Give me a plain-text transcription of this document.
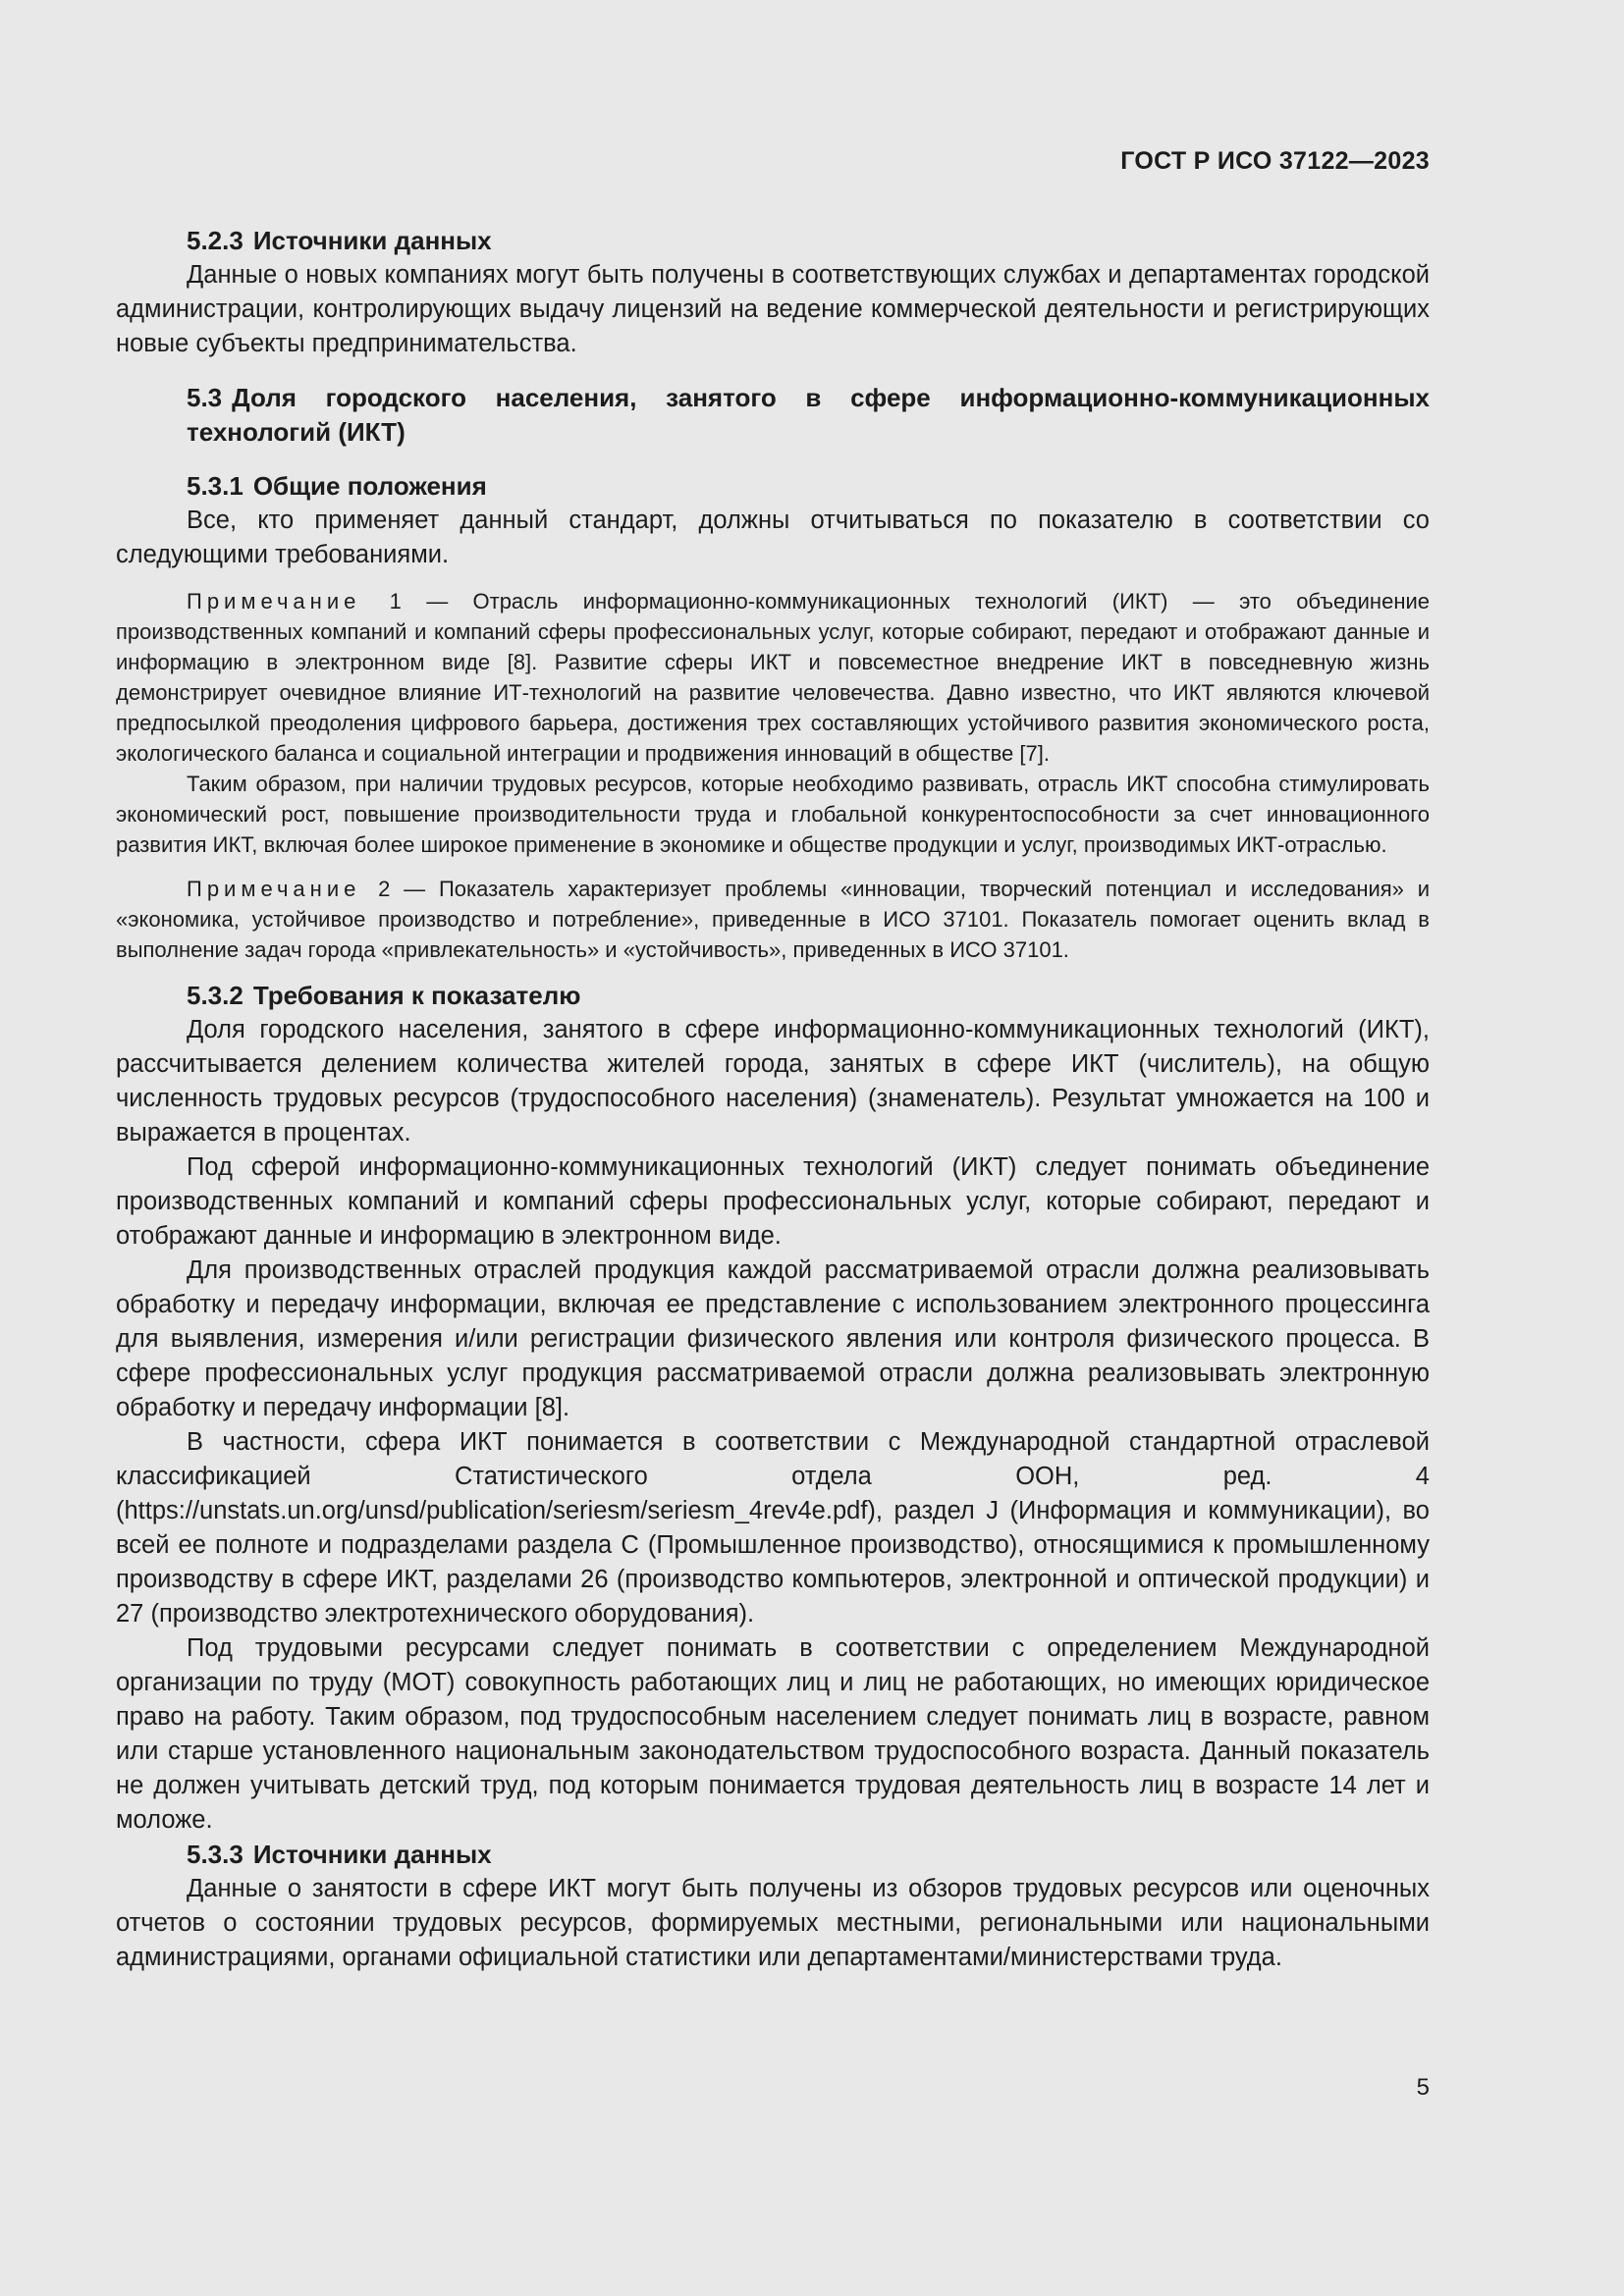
ГОСТ Р ИСО 37122—2023
5.2.3 Источники данных

Данные о новых компаниях могут быть получены в соответствующих службах и департаментах городской администрации, контролирующих выдачу лицензий на ведение коммерческой деятельности и регистрирующих новые субъекты предпринимательства.

5.3 Доля городского населения, занятого в сфере информационно-коммуникационных технологий (ИКТ)
5.3.1 Общие положения

Все, кто применяет данный стандарт, должны отчитываться по показателю в соответствии со следующими требованиями.

Примечание 1 — Отрасль информационно-коммуникационных технологий (ИКТ) — это объединение производственных компаний и компаний сферы профессиональных услуг, которые собирают, передают и отображают данные и информацию в электронном виде [8]. Развитие сферы ИКТ и повсеместное внедрение ИКТ в повседневную жизнь демонстрирует очевидное влияние ИТ-технологий на развитие человечества. Давно известно, что ИКТ являются ключевой предпосылкой преодоления цифрового барьера, достижения трех составляющих устойчивого развития экономического роста, экологического баланса и социальной интеграции и продвижения инноваций в обществе [7].

Таким образом, при наличии трудовых ресурсов, которые необходимо развивать, отрасль ИКТ способна стимулировать экономический рост, повышение производительности труда и глобальной конкурентоспособности за счет инновационного развития ИКТ, включая более широкое применение в экономике и обществе продукции и услуг, производимых ИКТ-отраслью.

Примечание 2 — Показатель характеризует проблемы «инновации, творческий потенциал и исследования» и «экономика, устойчивое производство и потребление», приведенные в ИСО 37101. Показатель помогает оценить вклад в выполнение задач города «привлекательность» и «устойчивость», приведенных в ИСО 37101.

5.3.2 Требования к показателю

Доля городского населения, занятого в сфере информационно-коммуникационных технологий (ИКТ), рассчитывается делением количества жителей города, занятых в сфере ИКТ (числитель), на общую численность трудовых ресурсов (трудоспособного населения) (знаменатель). Результат умножается на 100 и выражается в процентах.

Под сферой информационно-коммуникационных технологий (ИКТ) следует понимать объединение производственных компаний и компаний сферы профессиональных услуг, которые собирают, передают и отображают данные и информацию в электронном виде.

Для производственных отраслей продукция каждой рассматриваемой отрасли должна реализовывать обработку и передачу информации, включая ее представление с использованием электронного процессинга для выявления, измерения и/или регистрации физического явления или контроля физического процесса. В сфере профессиональных услуг продукция рассматриваемой отрасли должна реализовывать электронную обработку и передачу информации [8].

В частности, сфера ИКТ понимается в соответствии с Международной стандартной отраслевой классификацией Статистического отдела ООН, ред. 4 (https://unstats.un.org/unsd/publication/seriesm/seriesm_4rev4e.pdf), раздел J (Информация и коммуникации), во всей ее полноте и подразделами раздела С (Промышленное производство), относящимися к промышленному производству в сфере ИКТ, разделами 26 (производство компьютеров, электронной и оптической продукции) и 27 (производство электротехнического оборудования).

Под трудовыми ресурсами следует понимать в соответствии с определением Международной организации по труду (МОТ) совокупность работающих лиц и лиц не работающих, но имеющих юридическое право на работу. Таким образом, под трудоспособным населением следует понимать лиц в возрасте, равном или старше установленного национальным законодательством трудоспособного возраста. Данный показатель не должен учитывать детский труд, под которым понимается трудовая деятельность лиц в возрасте 14 лет и моложе.

5.3.3 Источники данных

Данные о занятости в сфере ИКТ могут быть получены из обзоров трудовых ресурсов или оценочных отчетов о состоянии трудовых ресурсов, формируемых местными, региональными или национальными администрациями, органами официальной статистики или департаментами/министерствами труда.

5
